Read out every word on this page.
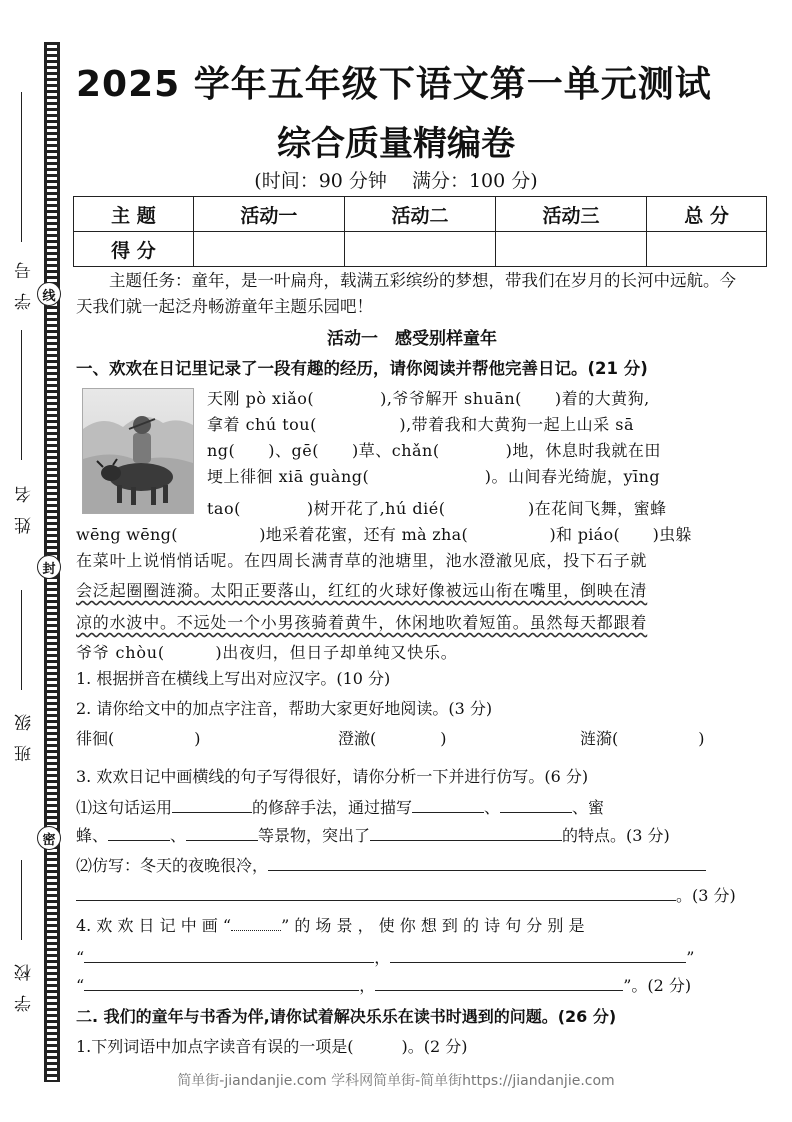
学号 线
姓名
封
班级
密
学校
2025 学年五年级下语文第一单元测试
综合质量精编卷
(时间：90 分钟　 满分：100 分)
主 题	活动一	活动二	活动三	总 分
得 分				
主题任务：童年，是一叶扁舟，载满五彩缤纷的梦想，带我们在岁月的长河中远航。今天我们就一起泛舟畅游童年主题乐园吧！
活动一　感受别样童年
一、欢欢在日记里记录了一段有趣的经历，请你阅读并帮他完善日记。(21 分)
天刚 pò xiǎo(　　　　),爷爷解开 shuān(　　)着的大黄狗,
拿着 chú tou(　　　　　),带着我和大黄狗一起上山采 sā
ng(　　)、gē(　　)草、chǎn(　　　　)地，休息时我就在田
埂上徘徊 xiā guàng(　　　　　　　)。山间春光绮旎，yīng
tao(　　　　)树开花了,hú dié(　　　　　)在花间飞舞，蜜蜂
wēng wēng(　　　　　)地采着花蜜，还有 mà zha(　　　　　)和 piáo(　　)虫躲
在菜叶上说悄悄话呢。在四周长满青草的池塘里，池水澄澈见底，投下石子就
会泛起圈圈涟漪。太阳正要落山，红红的火球好像被远山衔在嘴里，倒映在清
凉的水波中。不远处一个小男孩骑着黄牛，休闲地吹着短笛。虽然每天都跟着
爷爷 chòu(　　　)出夜归，但日子却单纯又快乐。
1. 根据拼音在横线上写出对应汉字。(10 分)
2. 请你给文中的加点字注音，帮助大家更好地阅读。(3 分)
徘徊(　　　　　)	澄澈(　　　　)	涟漪(　　　　　)
3. 欢欢日记中画横线的句子写得很好，请你分析一下并进行仿写。(6 分)
⑴这句话运用	的修辞手法，通过描写	、	、蜜
蜂、	、	等景物，突出了	的特点。(3 分)
⑵仿写：冬天的夜晚很冷，
。(3 分)
4. 欢 欢 日 记 中 画 “	” 的 场 景 ， 使 你 想 到 的 诗 句 分 别 是
“	，	”
“	，	”。(2 分)
二. 我们的童年与书香为伴,请你试着解决乐乐在读书时遇到的问题。(26 分)
1.下列词语中加点字读音有误的一项是(　　　)。(2 分)
简单街-jiandanjie.com 学科网简单街-简单街https://jiandanjie.com
